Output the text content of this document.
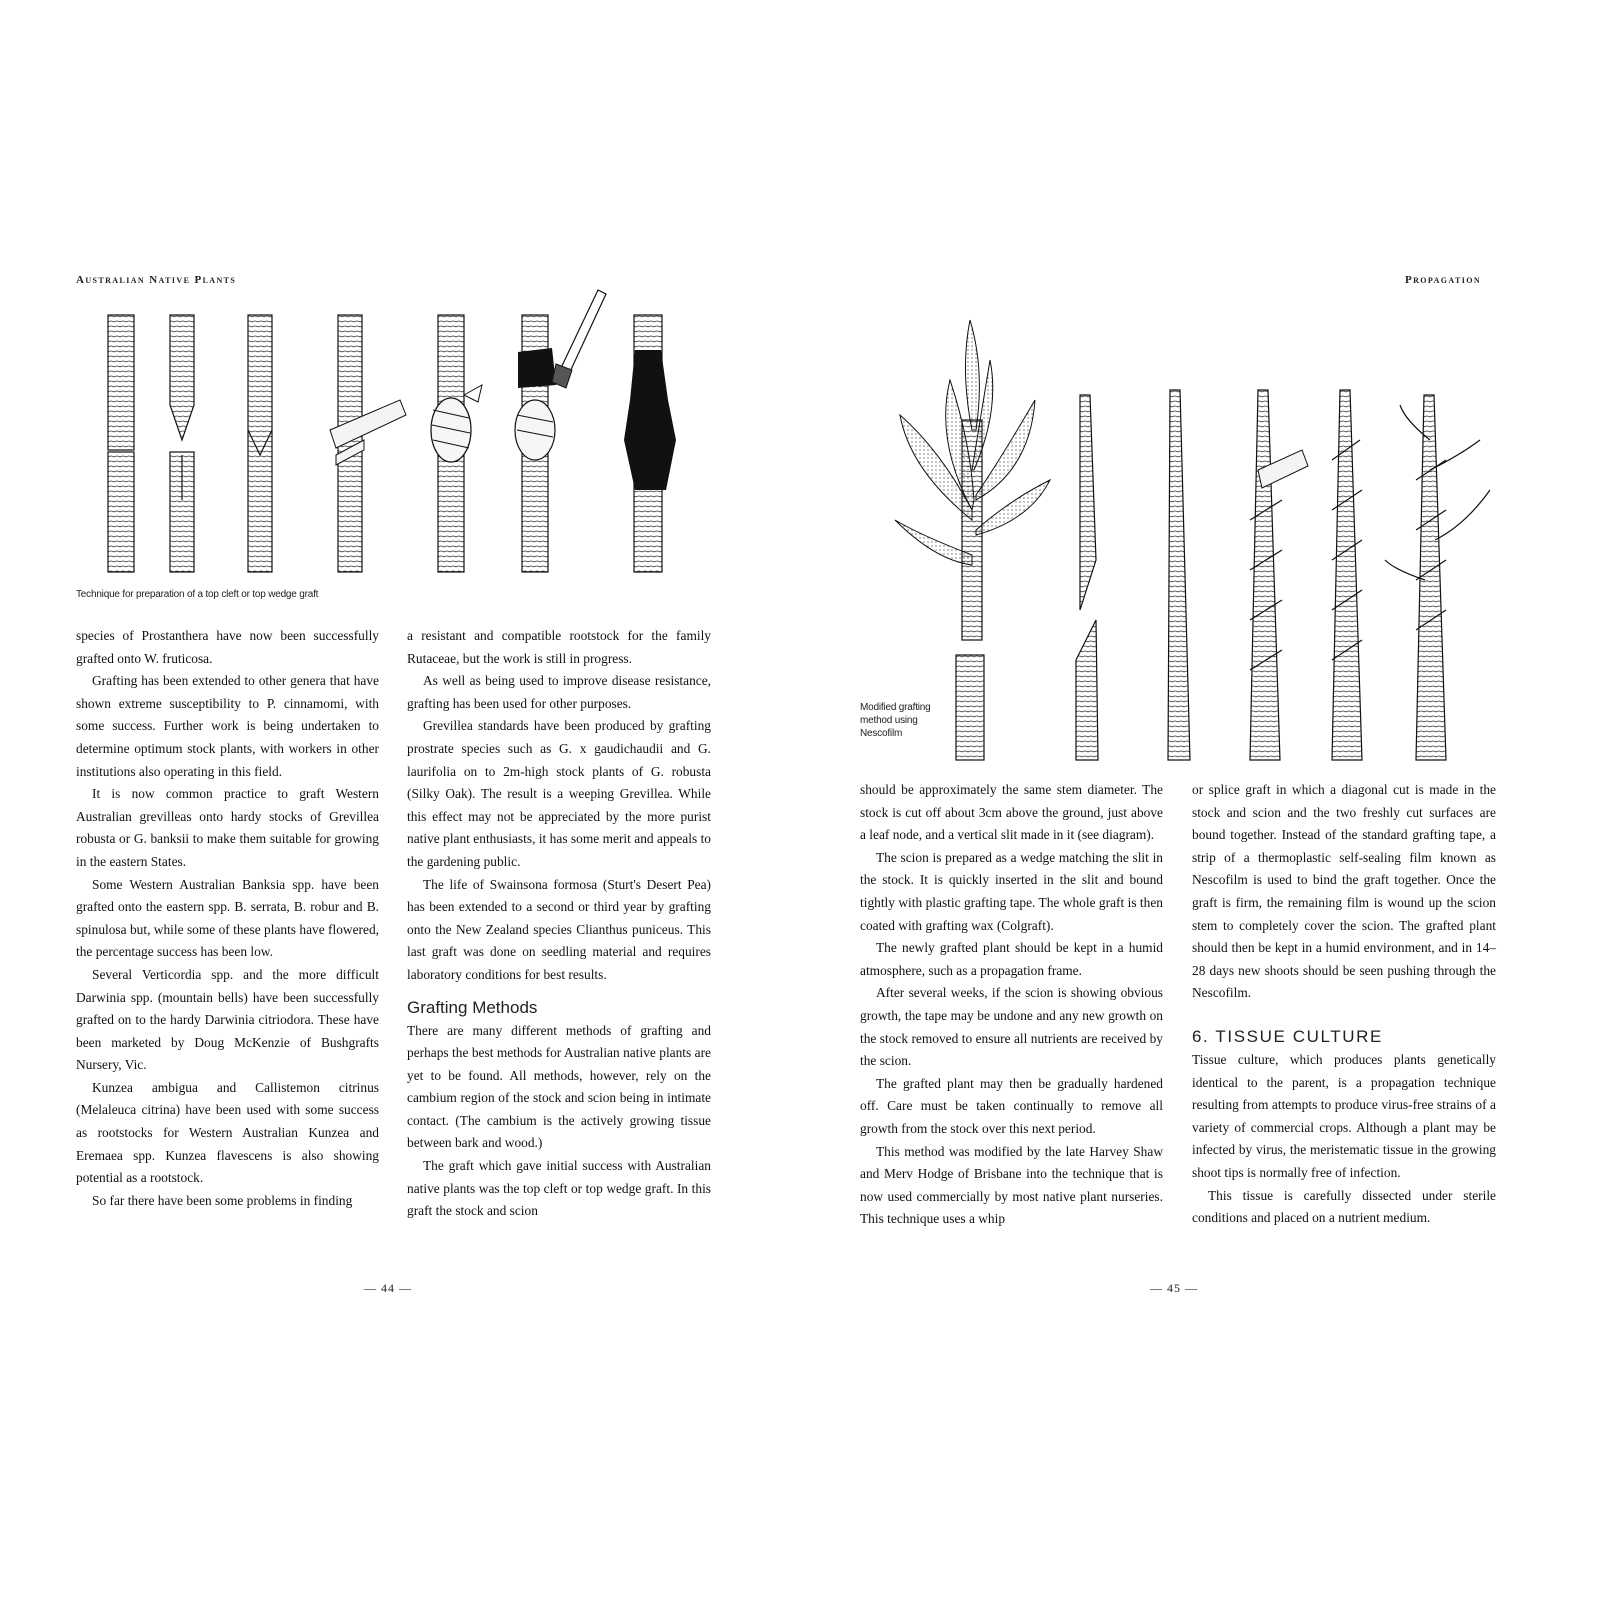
Australian Native Plants
Technique for preparation of a top cleft or top wedge graft

species of Prostanthera have now been successfully grafted onto W. fruticosa.

Grafting has been extended to other genera that have shown extreme susceptibility to P. cinnamomi, with some success. Further work is being undertaken to determine optimum stock plants, with workers in other institutions also operating in this field.

It is now common practice to graft Western Australian grevilleas onto hardy stocks of Grevillea robusta or G. banksii to make them suitable for growing in the eastern States.

Some Western Australian Banksia spp. have been grafted onto the eastern spp. B. serrata, B. robur and B. spinulosa but, while some of these plants have flowered, the percentage success has been low.

Several Verticordia spp. and the more difficult Darwinia spp. (mountain bells) have been successfully grafted on to the hardy Darwinia citriodora. These have been marketed by Doug McKenzie of Bushgrafts Nursery, Vic.

Kunzea ambigua and Callistemon citrinus (Melaleuca citrina) have been used with some success as rootstocks for Western Australian Kunzea and Eremaea spp. Kunzea flavescens is also showing potential as a rootstock.

So far there have been some problems in finding

a resistant and compatible rootstock for the family Rutaceae, but the work is still in progress.

As well as being used to improve disease resistance, grafting has been used for other purposes.

Grevillea standards have been produced by grafting prostrate species such as G. x gaudichaudii and G. laurifolia on to 2m-high stock plants of G. robusta (Silky Oak). The result is a weeping Grevillea. While this effect may not be appreciated by the more purist native plant enthusiasts, it has some merit and appeals to the gardening public.

The life of Swainsona formosa (Sturt's Desert Pea) has been extended to a second or third year by grafting onto the New Zealand species Clianthus puniceus. This last graft was done on seedling material and requires laboratory conditions for best results.

Grafting Methods

There are many different methods of grafting and perhaps the best methods for Australian native plants are yet to be found. All methods, however, rely on the cambium region of the stock and scion being in intimate contact. (The cambium is the actively growing tissue between bark and wood.)

The graft which gave initial success with Australian native plants was the top cleft or top wedge graft. In this graft the stock and scion

— 44 —
Propagation
Modified grafting method using Nescofilm

should be approximately the same stem diameter. The stock is cut off about 3cm above the ground, just above a leaf node, and a vertical slit made in it (see diagram).

The scion is prepared as a wedge matching the slit in the stock. It is quickly inserted in the slit and bound tightly with plastic grafting tape. The whole graft is then coated with grafting wax (Colgraft).

The newly grafted plant should be kept in a humid atmosphere, such as a propagation frame.

After several weeks, if the scion is showing obvious growth, the tape may be undone and any new growth on the stock removed to ensure all nutrients are received by the scion.

The grafted plant may then be gradually hardened off. Care must be taken continually to remove all growth from the stock over this next period.

This method was modified by the late Harvey Shaw and Merv Hodge of Brisbane into the technique that is now used commercially by most native plant nurseries. This technique uses a whip

or splice graft in which a diagonal cut is made in the stock and scion and the two freshly cut surfaces are bound together. Instead of the standard grafting tape, a strip of a thermoplastic self-sealing film known as Nescofilm is used to bind the graft together. Once the graft is firm, the remaining film is wound up the scion stem to completely cover the scion. The grafted plant should then be kept in a humid environment, and in 14–28 days new shoots should be seen pushing through the Nescofilm.

6. TISSUE CULTURE

Tissue culture, which produces plants genetically identical to the parent, is a propagation technique resulting from attempts to produce virus-free strains of a variety of commercial crops. Although a plant may be infected by virus, the meristematic tissue in the growing shoot tips is normally free of infection.

This tissue is carefully dissected under sterile conditions and placed on a nutrient medium.

— 45 —
